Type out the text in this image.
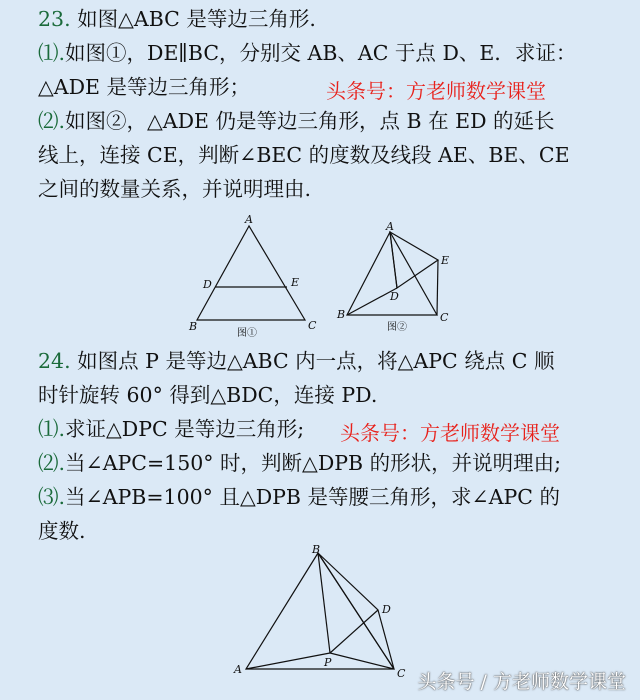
23. 如图△ABC 是等边三角形.
⑴.如图①，DE∥BC，分别交 AB、AC 于点 D、E．求证：
△ADE 是等边三角形；	头条号：方老师数学课堂
⑵.如图②，△ADE 仍是等边三角形，点 B 在 ED 的延长
线上，连接 CE，判断∠BEC 的度数及线段 AE、BE、CE
之间的数量关系，并说明理由.
A
B	C
D	E
图①
A
B	C
D
E
图②
24. 如图点 P 是等边△ABC 内一点，将△APC 绕点 C 顺
时针旋转 60° 得到△BDC，连接 PD.
⑴.求证△DPC 是等边三角形;	头条号：方老师数学课堂
⑵.当∠APC=150° 时，判断△DPB 的形状，并说明理由;
⑶.当∠APB=100° 且△DPB 是等腰三角形，求∠APC 的
度数.
B
A	C
D
P
头条号 / 方老师数学课堂
